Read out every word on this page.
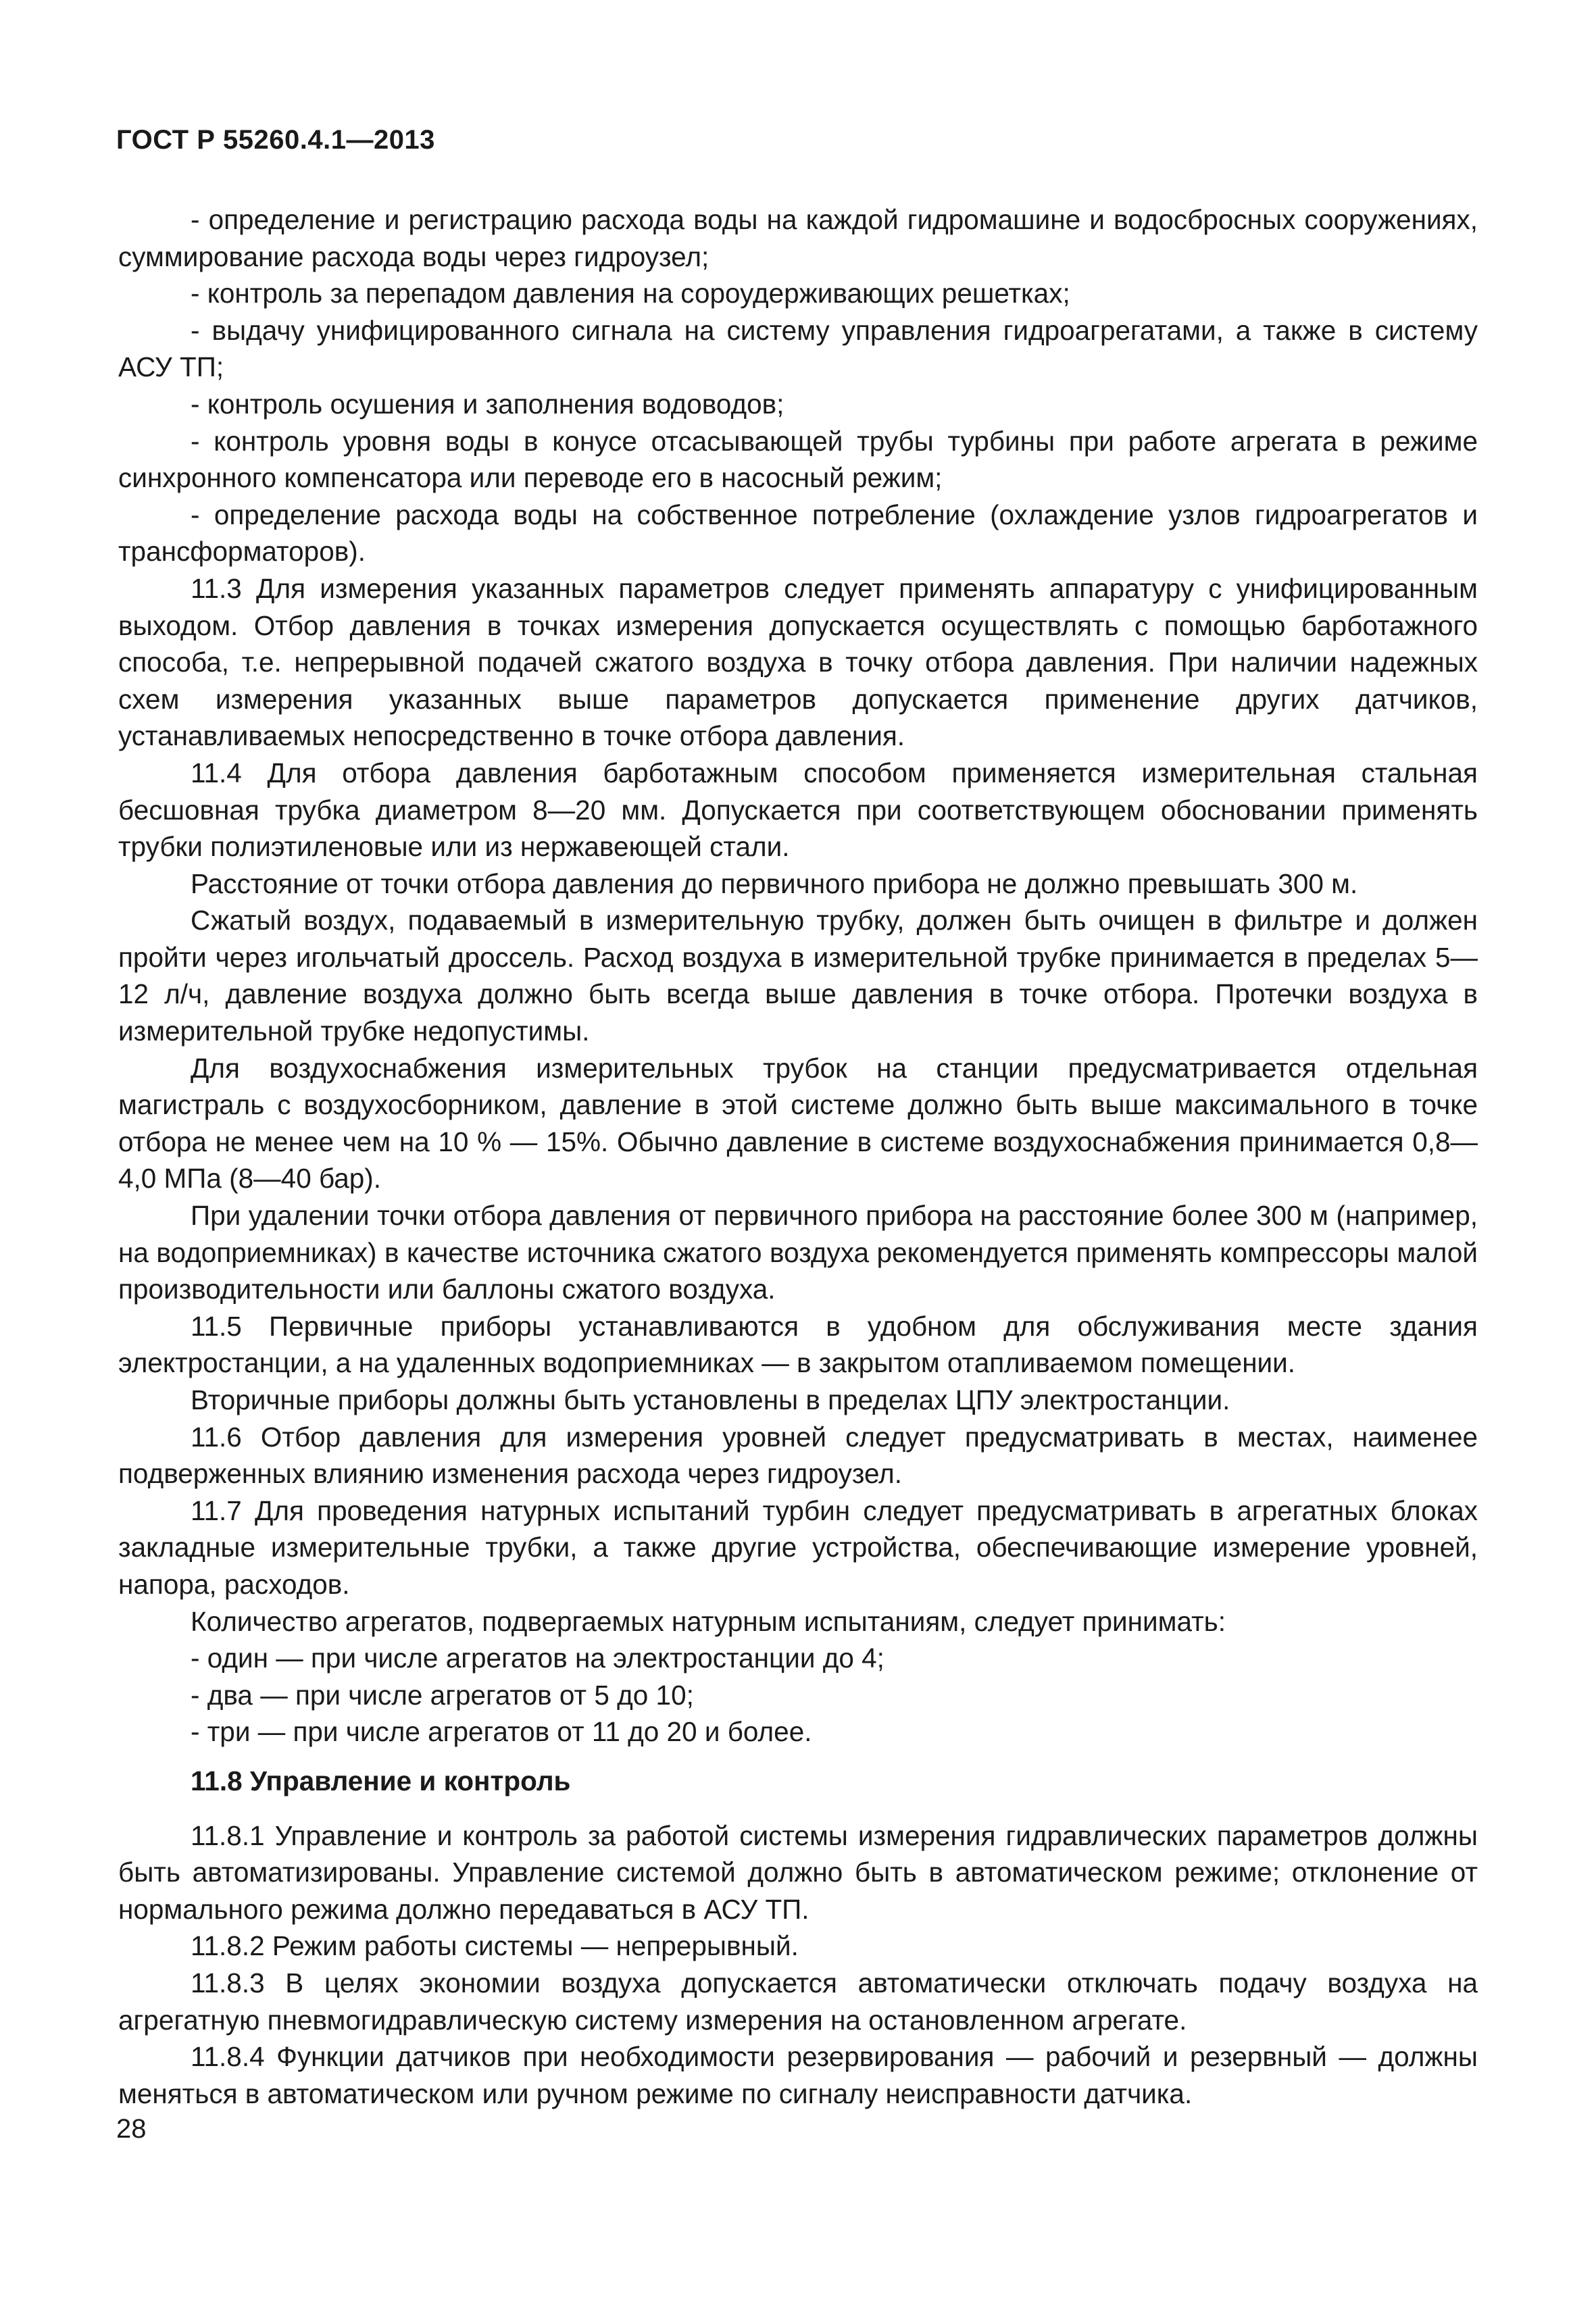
ГОСТ Р 55260.4.1—2013

- определение и регистрацию расхода воды на каждой гидромашине и водосбросных сооружениях, суммирование расхода воды через гидроузел;

- контроль за перепадом давления на сороудерживающих решетках;

- выдачу унифицированного сигнала на систему управления гидроагрегатами, а также в систему АСУ ТП;

- контроль осушения и заполнения водоводов;

- контроль уровня воды в конусе отсасывающей трубы турбины при работе агрегата в режиме синхронного компенсатора или переводе его в насосный режим;

- определение расхода воды на собственное потребление (охлаждение узлов гидроагрегатов и трансформаторов).

11.3 Для измерения указанных параметров следует применять аппаратуру с унифицированным выходом. Отбор давления в точках измерения допускается осуществлять с помощью барботажного способа, т.е. непрерывной подачей сжатого воздуха в точку отбора давления. При наличии надежных схем измерения указанных выше параметров допускается применение других датчиков, устанавливаемых непосредственно в точке отбора давления.

11.4 Для отбора давления барботажным способом применяется измерительная стальная бесшовная трубка диаметром 8—20 мм. Допускается при соответствующем обосновании применять трубки полиэтиленовые или из нержавеющей стали.

Расстояние от точки отбора давления до первичного прибора не должно превышать 300 м.

Сжатый воздух, подаваемый в измерительную трубку, должен быть очищен в фильтре и должен пройти через игольчатый дроссель. Расход воздуха в измерительной трубке принимается в пределах 5—12 л/ч, давление воздуха должно быть всегда выше давления в точке отбора. Протечки воздуха в измерительной трубке недопустимы.

Для воздухоснабжения измерительных трубок на станции предусматривается отдельная магистраль с воздухосборником, давление в этой системе должно быть выше максимального в точке отбора не менее чем на 10 % — 15%. Обычно давление в системе воздухоснабжения принимается 0,8—4,0 МПа (8—40 бар).

При удалении точки отбора давления от первичного прибора на расстояние более 300 м (например, на водоприемниках) в качестве источника сжатого воздуха рекомендуется применять компрессоры малой производительности или баллоны сжатого воздуха.

11.5 Первичные приборы устанавливаются в удобном для обслуживания месте здания электростанции, а на удаленных водоприемниках — в закрытом отапливаемом помещении.

Вторичные приборы должны быть установлены в пределах ЦПУ электростанции.

11.6 Отбор давления для измерения уровней следует предусматривать в местах, наименее подверженных влиянию изменения расхода через гидроузел.

11.7 Для проведения натурных испытаний турбин следует предусматривать в агрегатных блоках закладные измерительные трубки, а также другие устройства, обеспечивающие измерение уровней, напора, расходов.

Количество агрегатов, подвергаемых натурным испытаниям, следует принимать:

- один — при числе агрегатов на электростанции до 4;

- два — при числе агрегатов от 5 до 10;

- три — при числе агрегатов от 11 до 20 и более.

11.8 Управление и контроль

11.8.1 Управление и контроль за работой системы измерения гидравлических параметров должны быть автоматизированы. Управление системой должно быть в автоматическом режиме; отклонение от нормального режима должно передаваться в АСУ ТП.

11.8.2 Режим работы системы — непрерывный.

11.8.3 В целях экономии воздуха допускается автоматически отключать подачу воздуха на агрегатную пневмогидравлическую систему измерения на остановленном агрегате.

11.8.4 Функции датчиков при необходимости резервирования — рабочий и резервный — должны меняться в автоматическом или ручном режиме по сигналу неисправности датчика.

28
